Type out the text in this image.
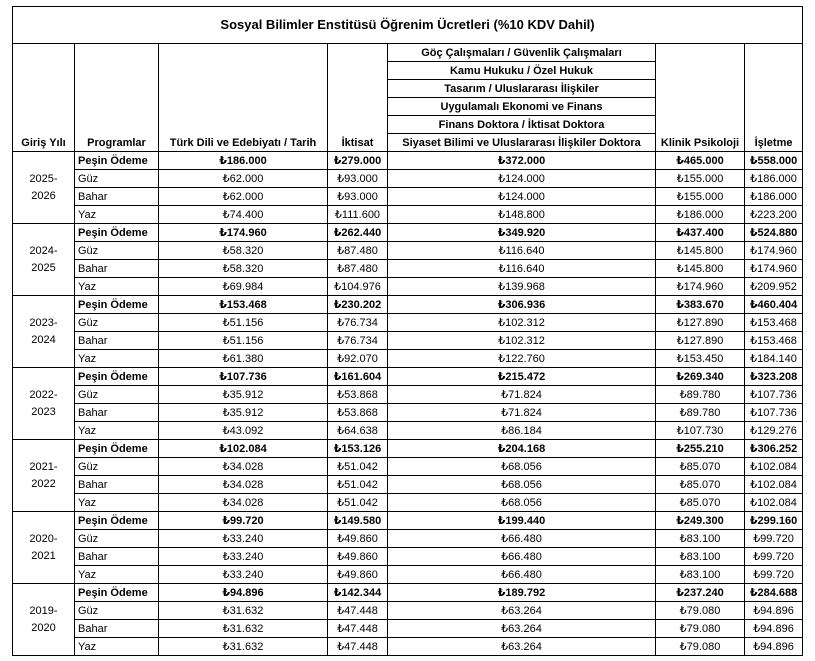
Sosyal Bilimler Enstitüsü Öğrenim Ücretleri (%10 KDV Dahil)						
Giriş Yılı	Programlar	Türk Dili ve Edebiyatı / Tarih	İktisat	Göç Çalışmaları / Güvenlik Çalışmaları	Klinik Psikoloji	İşletme
				Kamu Hukuku / Özel Hukuk		
				Tasarım / Uluslararası İlişkiler		
				Uygulamalı Ekonomi ve Finans		
				Finans Doktora / İktisat Doktora		
				Siyaset Bilimi ve Uluslararası İlişkiler Doktora		

2025-
2026	Peşin Ödeme	₺186.000	₺279.000	₺372.000	₺465.000	₺558.000
	Güz	₺62.000	₺93.000	₺124.000	₺155.000	₺186.000
	Bahar	₺62.000	₺93.000	₺124.000	₺155.000	₺186.000
	Yaz	₺74.400	₺111.600	₺148.800	₺186.000	₺223.200

2024-
2025	Peşin Ödeme	₺174.960	₺262.440	₺349.920	₺437.400	₺524.880
	Güz	₺58.320	₺87.480	₺116.640	₺145.800	₺174.960
	Bahar	₺58.320	₺87.480	₺116.640	₺145.800	₺174.960
	Yaz	₺69.984	₺104.976	₺139.968	₺174.960	₺209.952

2023-
2024	Peşin Ödeme	₺153.468	₺230.202	₺306.936	₺383.670	₺460.404
	Güz	₺51.156	₺76.734	₺102.312	₺127.890	₺153.468
	Bahar	₺51.156	₺76.734	₺102.312	₺127.890	₺153.468
	Yaz	₺61.380	₺92.070	₺122.760	₺153.450	₺184.140

2022-
2023	Peşin Ödeme	₺107.736	₺161.604	₺215.472	₺269.340	₺323.208
	Güz	₺35.912	₺53.868	₺71.824	₺89.780	₺107.736
	Bahar	₺35.912	₺53.868	₺71.824	₺89.780	₺107.736
	Yaz	₺43.092	₺64.638	₺86.184	₺107.730	₺129.276

2021-
2022	Peşin Ödeme	₺102.084	₺153.126	₺204.168	₺255.210	₺306.252
	Güz	₺34.028	₺51.042	₺68.056	₺85.070	₺102.084
	Bahar	₺34.028	₺51.042	₺68.056	₺85.070	₺102.084
	Yaz	₺34.028	₺51.042	₺68.056	₺85.070	₺102.084

2020-
2021	Peşin Ödeme	₺99.720	₺149.580	₺199.440	₺249.300	₺299.160
	Güz	₺33.240	₺49.860	₺66.480	₺83.100	₺99.720
	Bahar	₺33.240	₺49.860	₺66.480	₺83.100	₺99.720
	Yaz	₺33.240	₺49.860	₺66.480	₺83.100	₺99.720

2019-
2020	Peşin Ödeme	₺94.896	₺142.344	₺189.792	₺237.240	₺284.688
	Güz	₺31.632	₺47.448	₺63.264	₺79.080	₺94.896
	Bahar	₺31.632	₺47.448	₺63.264	₺79.080	₺94.896
	Yaz	₺31.632	₺47.448	₺63.264	₺79.080	₺94.896
